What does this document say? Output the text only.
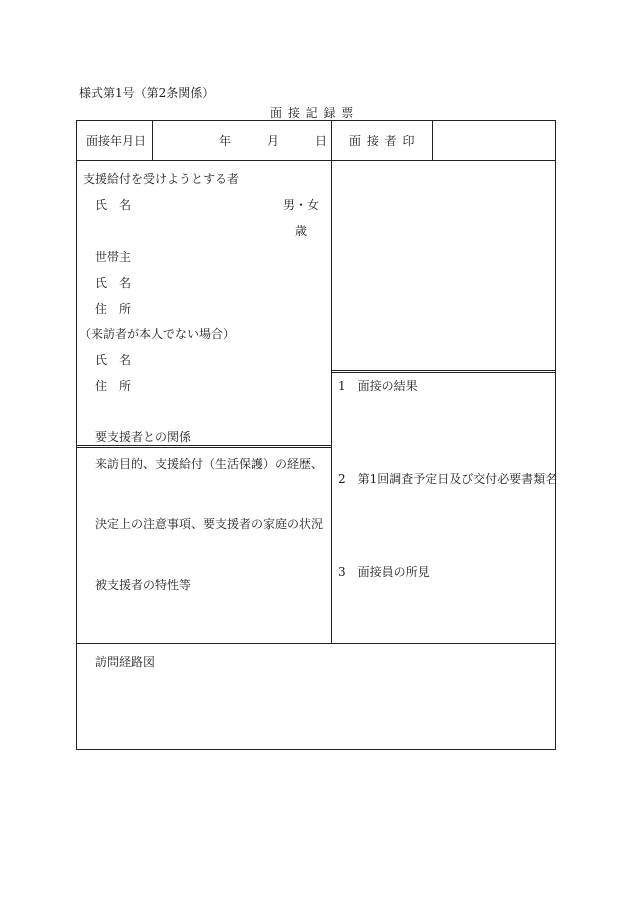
様式第1号（第2条関係）
面 接 記 録 票
面接年月日	年	月	日 面 接 者 印
支援給付を受けようとする者
氏　名	男・女
歳
世帯主
氏　名
住　所
（来訪者が本人でない場合）
氏　名
住　所
要支援者との関係
来訪目的、支援給付（生活保護）の経歴、
決定上の注意事項、要支援者の家庭の状況
被支援者の特性等
1　面接の結果
2　第1回調査予定日及び交付必要書類名
3　面接員の所見
訪問経路図
